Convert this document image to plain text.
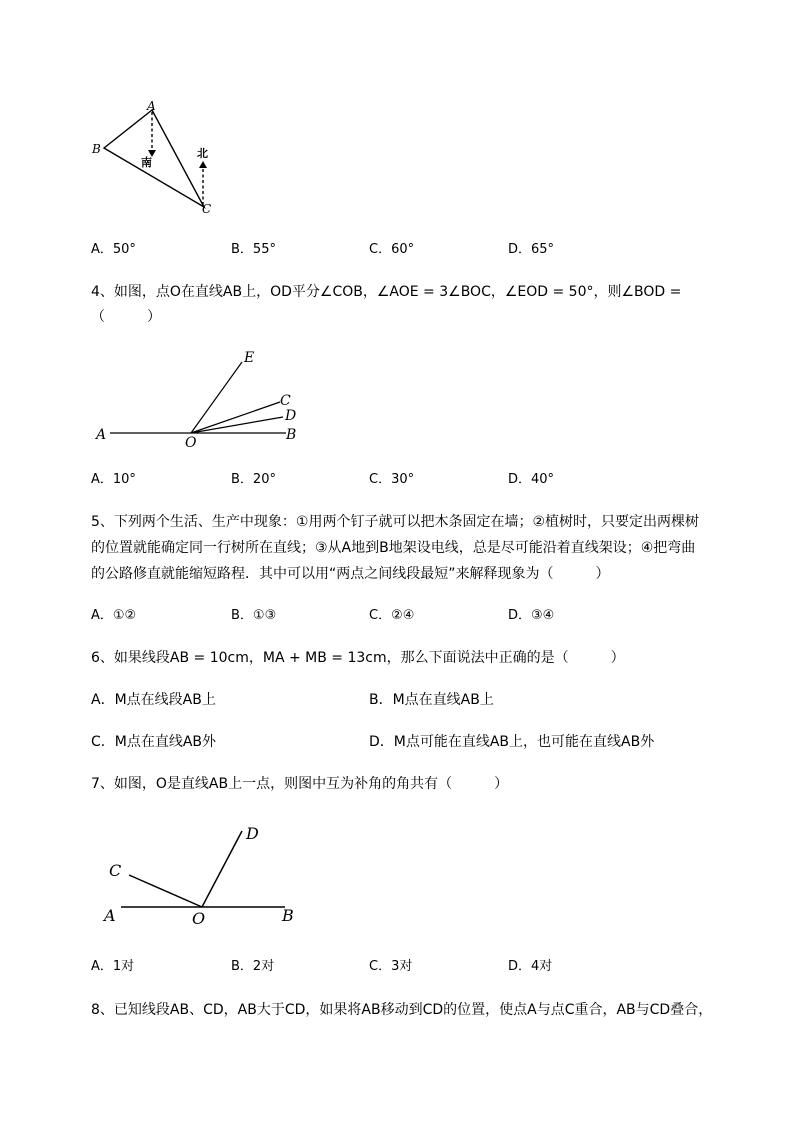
A
B
C
南
北
A．50°	B．55°	C．60°	D．65°
4、如图，点O在直线AB上，OD平分∠COB，∠AOE = 3∠BOC，∠EOD = 50°，则∠BOD =
（　　　）
E
C
D
A	O	B
A．10°	B．20°	C．30°	D．40°
5、下列两个生活、生产中现象：①用两个钉子就可以把木条固定在墙；②植树时，只要定出两棵树
的位置就能确定同一行树所在直线；③从A地到B地架设电线，总是尽可能沿着直线架设；④把弯曲
的公路修直就能缩短路程．其中可以用“两点之间线段最短”来解释现象为（　　　）
A．①②	B．①③	C．②④	D．③④
6、如果线段AB = 10cm，MA + MB = 13cm，那么下面说法中正确的是（　　　）
A．M点在线段AB上	B．M点在直线AB上
C．M点在直线AB外	D．M点可能在直线AB上，也可能在直线AB外
7、如图，O是直线AB上一点，则图中互为补角的角共有（　　　）
D
C
A	O	B
A．1对	B．2对	C．3对	D．4对
8、已知线段AB、CD，AB大于CD，如果将AB移动到CD的位置，使点A与点C重合，AB与CD叠合，
